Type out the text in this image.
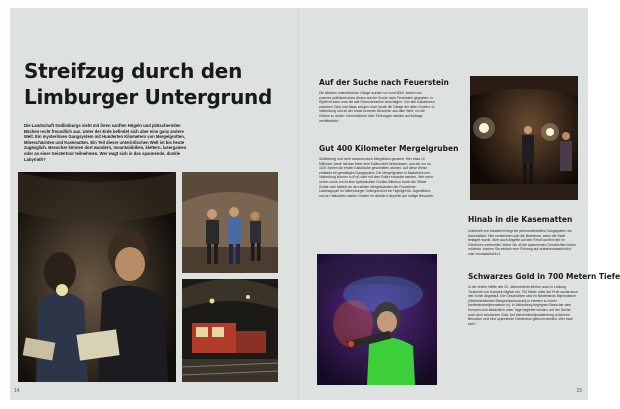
Streifzug durch den
Limburger Untergrund

Die Landschaft Südlimburgs sieht mit ihren sanften Hügeln und plätschernden Bächen recht freundlich aus. Unter der Erde befindet sich aber eine ganz andere Welt. Ein mysteriöses Gangsystem mit Hunderten Kilometern von Mergelgrotten, Mineschächten und Kasematten. Ein Teil dieser unterirdischen Welt ist bis heute zugänglich. Besucher können dort wandern, mountainbiken, klettern, lasergamen oder an einer Geistertour teilnehmen. Wer wagt sich in das spannende, dunkle Labyrinth?

14
Auf der Suche nach Feuerstein

Die ältesten unterirdischen Gänge wurden vor rund 6000 Jahren von unseren prähistorischen Ahnen auf der Suche nach Feuerstein gegraben. In Rijckholt kann man die alte Feuersteinmine besichtigen. Von den Kalksteinen zwischen Geul und Maas zeugen noch heute die Gänge der alten Grotten. In Valkenburg und an der Maas kommen Besucher aus aller Welt, um die Höhlen zu sehen. Informationen über Führungen werden auf Anfrage veröffentlicht.

Gut 400 Kilometer Mergelgruben

Südlimburg und nicht umsonst auch Mergelland genannt. Hier etwa 10 Millionen Jahre hat das Meer eine Kalkschicht hinterlassen, aus der vor ca. 1100 Jahren die ersten Kalkblöcke geschnitten wurden. Auf diese Weise entstand ein gewaltiges Gangsystem. Die Mergelgrotten in Maastricht und Valkenburg können zu Fuß oder mit dem Roller erkundet werden. Wer mehr Action sucht, bucht eine spektakuläre Grotten-Biketour durch die Sibber Grotte oder klettert an den steilen Mergelwänden der Flowsteine. Lasertagspiel im Valkenburger Untergrund ist ein Highlight für Jugendliche, und an Halloween warten Geister im dunklen Labyrinth auf mutige Besucher.

Hinab in die Kasematten

Unterhalb von Maastricht liegt ein jahrhundertealtes Gangsystem: die Kasematten. Hier versteckten sich die Bewohner, wenn die Stadt belagert wurde. Aber auch Angriffe auf den Feind wurden hier im Geheimen vorbereitet. Wenn Sie all die spannenden Geschichten hören möchten, buchen Sie einfach eine Führung auf zeitreisemaastricht.nl oder vvvmaastricht.nl.

Schwarzes Gold in 700 Metern Tiefe

In der ersten Hälfte des 20. Jahrhunderts führten auch in Limburg Tausende von Kumpeln täglich ein. 700 Meter unter der Erde wurde auch hier Kohle abgebaut. Die Geschichten sind im Niederlands Mijnmuseum (Niederländischen Bergwerksmuseum) in Heerlen zu hören (nederlandsmijnmuseum.nl). In Valkenburg begegnen Besucher dem Kumpel noch tatsächlich unter Tage begleitet werden, auf der Suche nach dem schwarzen Gold. Auf steinkohlemijnvalkenburg.nl können Besucher und eine spannende Geistertour gebucht werden. Wer traut sich?

15
